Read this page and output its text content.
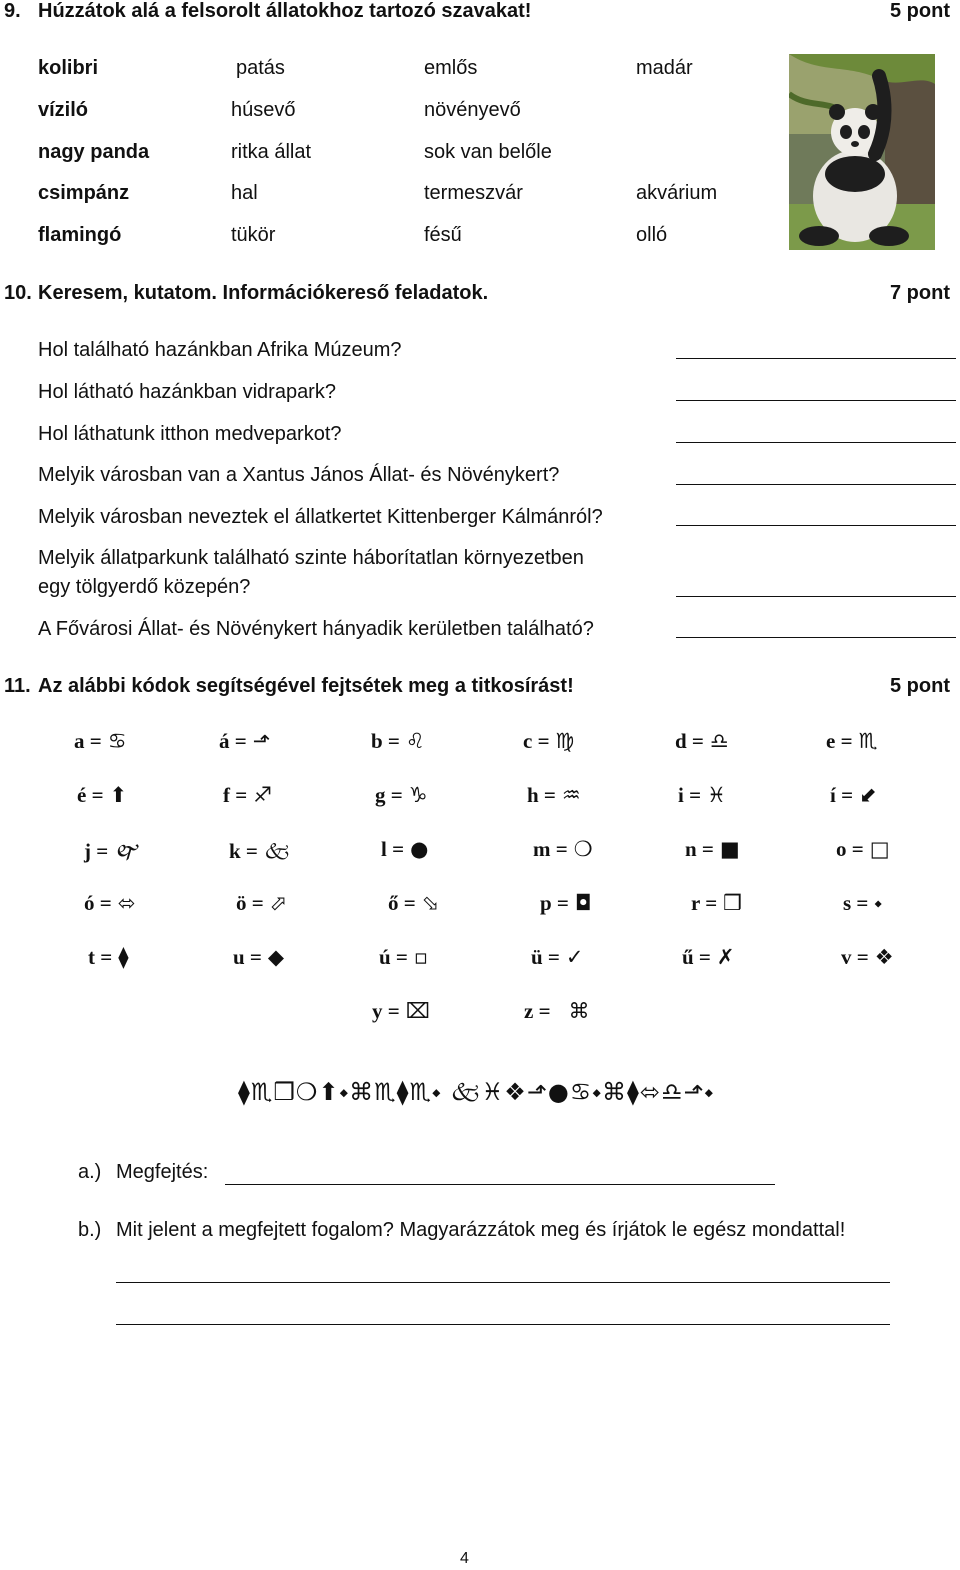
9. Húzzátok alá a felsorolt állatokhoz tartozó szavakat!	5 pont
kolibri	patás	emlős	madár
víziló	húsevő	növényevő
nagy panda	ritka állat	sok van belőle
csimpánz	hal	termeszvár	akvárium
flamingó	tükör	fésű	olló
10. Keresem, kutatom. Információkereső feladatok.	7 pont
Hol található hazánkban Afrika Múzeum?
Hol látható hazánkban vidrapark?
Hol láthatunk itthon medveparkot?
Melyik városban van a Xantus János Állat- és Növénykert?
Melyik városban neveztek el állatkertet Kittenberger Kálmánról?
Melyik állatparkunk található szinte háborítatlan környezetben
egy tölgyerdő közepén?
A Fővárosi Állat- és Növénykert hányadik kerületben található?
11. Az alábbi kódok segítségével fejtsétek meg a titkosírást!	5 pont
a = ♋	á = ⬏	b = ♌	c = ♍	d = ♎	e = ♏
é = ⬆	f = ♐	g = ♑	h = ♒	i = ♓	í = ⬋
j = 🙰	k = 🙵	l = ●	m = ❍	n = ■	o = □
ó = ⬄	ö = ⬀	ő = ⬂	p = ◘	r = ❒	s = ⬩
t = ⧫	u = ◆	ú = ▫	ü = ✓	ű = ✗	v = ❖
y = ⌧	z = ⌘
⧫♏❒❍⬆⬩⌘♏⧫♏⬩ 🙵♓❖⬏●♋⬩⌘⧫⬄♎⬏⬩
a.) Megfejtés:
b.) Mit jelent a megfejtett fogalom? Magyarázzátok meg és írjátok le egész mondattal!
4
